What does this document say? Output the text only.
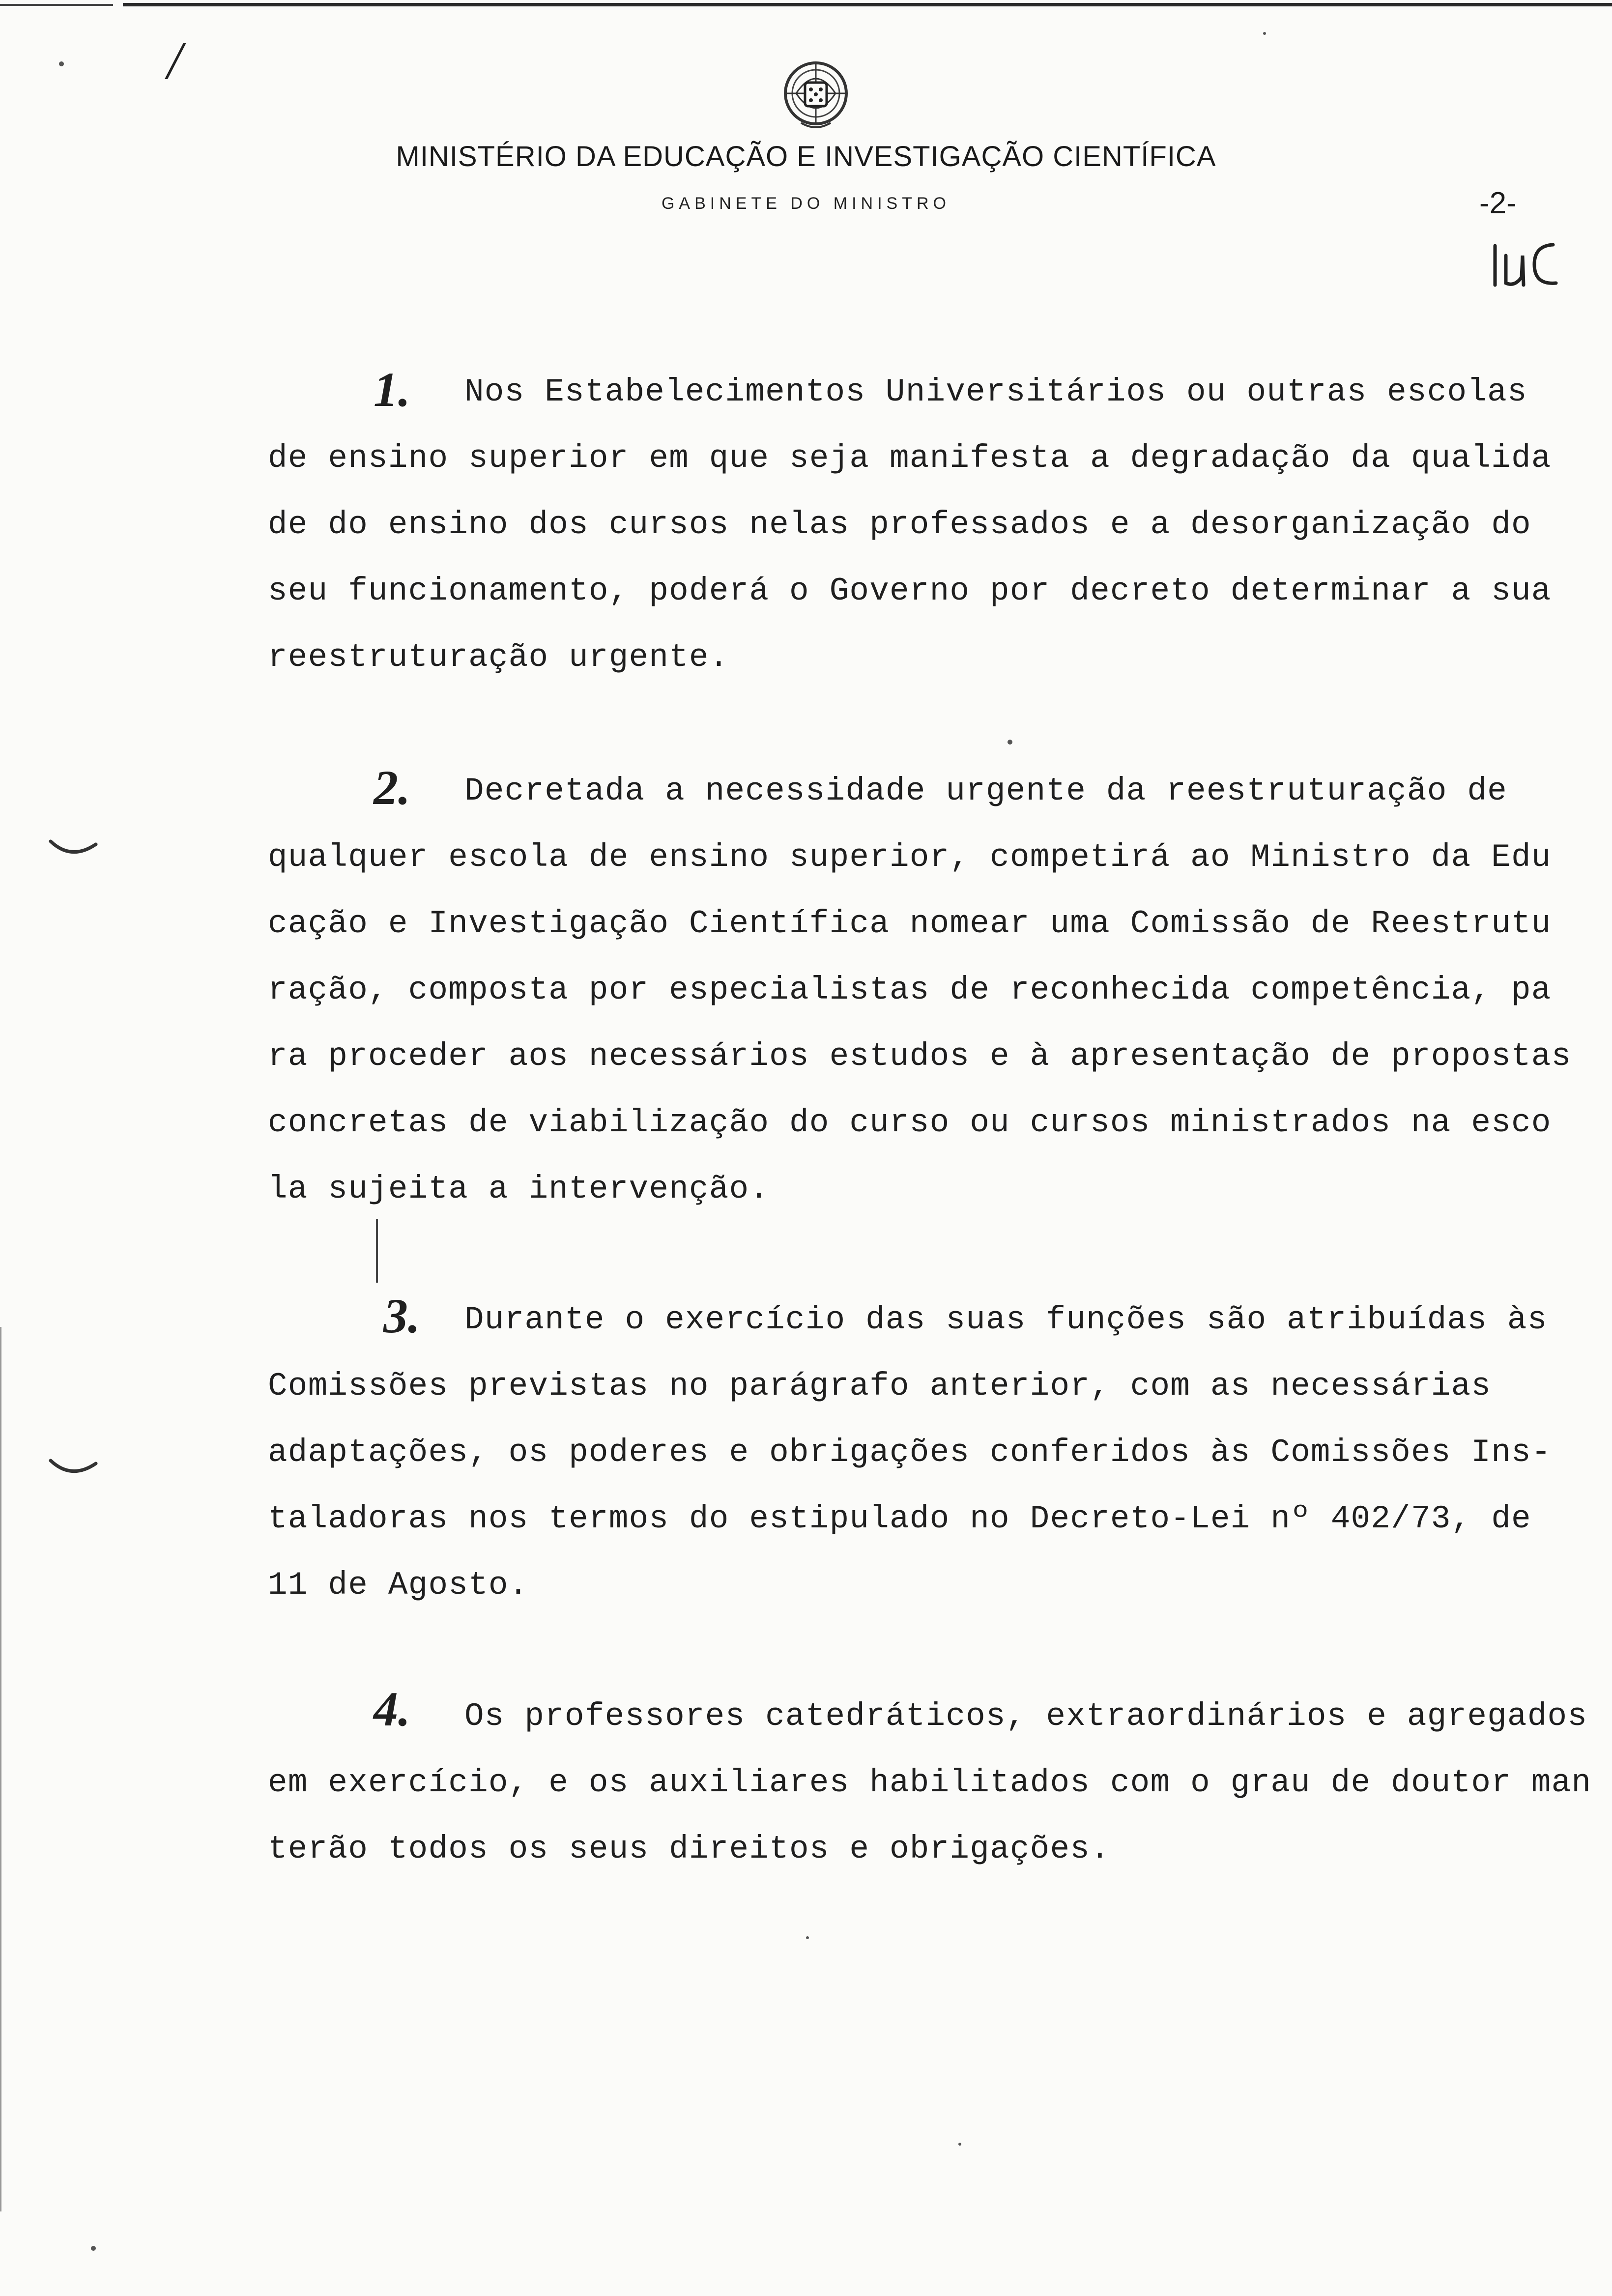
/
MINISTÉRIO DA EDUCAÇÃO E INVESTIGAÇÃO CIENTÍFICA
GABINETE DO MINISTRO	-2-
1. Nos Estabelecimentos Universitários ou outras escolas
de ensino superior em que seja manifesta a degradação da qualida
de do ensino dos cursos nelas professados e a desorganização do
seu funcionamento, poderá o Governo por decreto determinar a sua
reestruturação urgente.
2. Decretada a necessidade urgente da reestruturação de
qualquer escola de ensino superior, competirá ao Ministro da Edu
cação e Investigação Científica nomear uma Comissão de Reestrutu
ração, composta por especialistas de reconhecida competência, pa
ra proceder aos necessários estudos e à apresentação de propostas
concretas de viabilização do curso ou cursos ministrados na esco
la sujeita a intervenção.
3. Durante o exercício das suas funções são atribuídas às
Comissões previstas no parágrafo anterior, com as necessárias
adaptações, os poderes e obrigações conferidos às Comissões Ins-
taladoras nos termos do estipulado no Decreto-Lei nº 402/73, de
11 de Agosto.
4. Os professores catedráticos, extraordinários e agregados
em exercício, e os auxiliares habilitados com o grau de doutor man
terão todos os seus direitos e obrigações.
